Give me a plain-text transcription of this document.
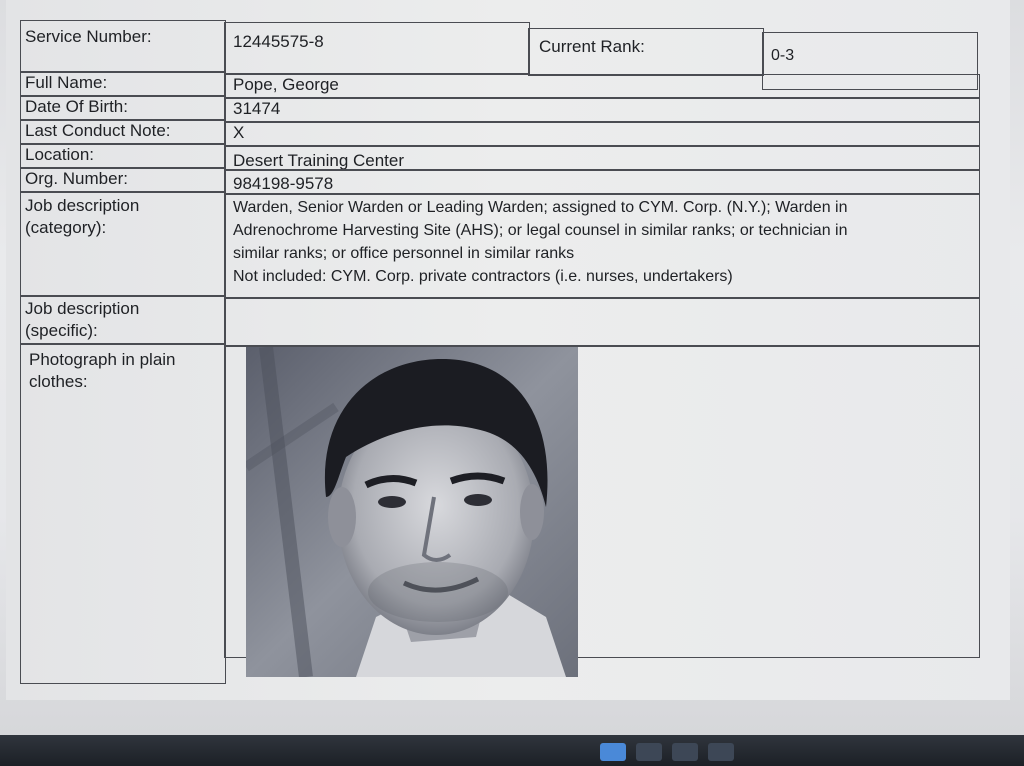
Service Number:	12445575-8	Current Rank:	0-3
Full Name:	Pope, George
Date Of Birth:	31474
Last Conduct Note:	X
Location:	Desert Training Center
Org. Number:	984198-9578
Job description
(category):
Warden, Senior Warden or Leading Warden; assigned to CYM. Corp. (N.Y.); Warden in
Adrenochrome Harvesting Site (AHS); or legal counsel in similar ranks; or technician in
similar ranks; or office personnel in similar ranks
Not included: CYM. Corp. private contractors (i.e. nurses, undertakers)
Job description
(specific):
Photograph in plain
clothes:
